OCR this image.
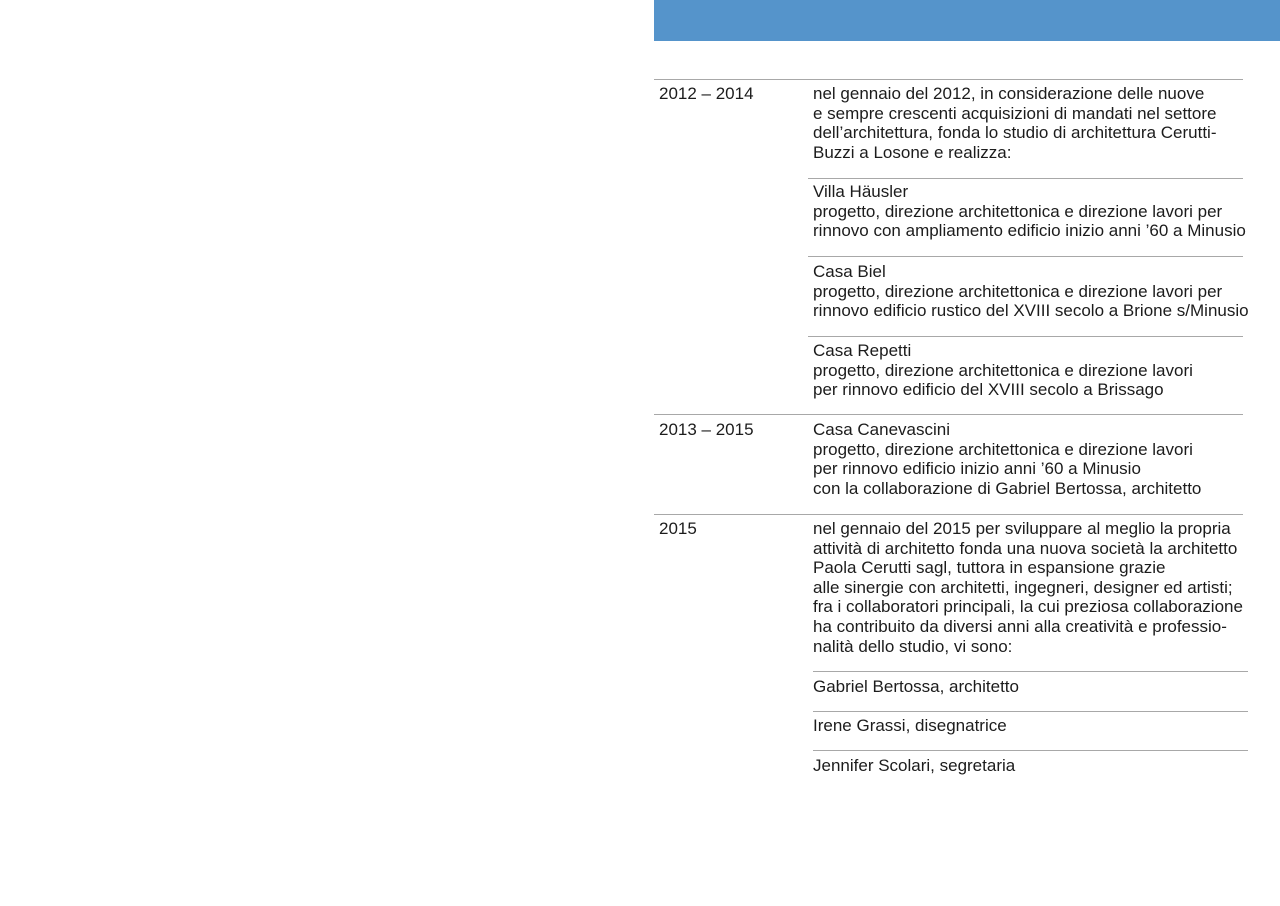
2012 – 2014	nel gennaio del 2012, in considerazione delle nuove
e sempre crescenti acquisizioni di mandati nel settore
dell’architettura, fonda lo studio di architettura Cerutti-
Buzzi a Losone e realizza:
Villa Häusler
progetto, direzione architettonica e direzione lavori per
rinnovo con ampliamento edificio inizio anni ’60 a Minusio
Casa Biel
progetto, direzione architettonica e direzione lavori per
rinnovo edificio rustico del XVIII secolo a Brione s/Minusio
Casa Repetti
progetto, direzione architettonica e direzione lavori
per rinnovo edificio del XVIII secolo a Brissago
2013 – 2015	Casa Canevascini
progetto, direzione architettonica e direzione lavori
per rinnovo edificio inizio anni ’60 a Minusio
con la collaborazione di Gabriel Bertossa, architetto
2015	nel gennaio del 2015 per sviluppare al meglio la propria
attività di architetto fonda una nuova società la architetto
Paola Cerutti sagl, tuttora in espansione grazie
alle sinergie con architetti, ingegneri, designer ed artisti;
fra i collaboratori principali, la cui preziosa collaborazione
ha contribuito da diversi anni alla creatività e professio-
nalità dello studio, vi sono:
Gabriel Bertossa, architetto
Irene Grassi, disegnatrice
Jennifer Scolari, segretaria
